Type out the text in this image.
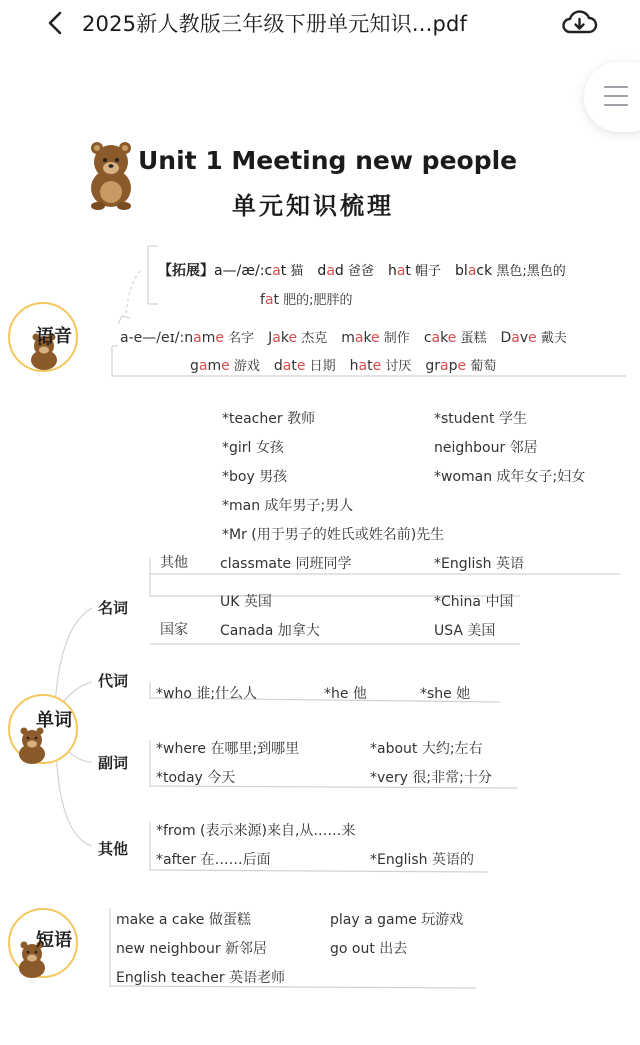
2025新人教版三年级下册单元知识...pdf
Unit 1 Meeting new people
单元知识梳理
语音
【拓展】a—/æ/:cat 猫 dad 爸爸 hat 帽子 black 黑色;黑色的
fat 肥的;肥胖的
a-e—/eɪ/:name 名字 Jake 杰克 make 制作 cake 蛋糕 Dave 戴夫
game 游戏 date 日期 hate 讨厌 grape 葡萄
*teacher 教师	*student 学生
*girl 女孩	neighbour 邻居
*boy 男孩	*woman 成年女子;妇女
*man 成年男子;男人
*Mr (用于男子的姓氏或姓名前)先生
其他 classmate 同班同学	*English 英语
名词	UK 英国	*China 中国
国家 Canada 加拿大	USA 美国
代词
*who 谁;什么人	*he 他	*she 她
单词
*where 在哪里;到哪里	*about 大约;左右
副词
*today 今天	*very 很;非常;十分
*from (表示来源)来自,从……来
其他
*after 在……后面	*English 英语的
短语
make a cake 做蛋糕	play a game 玩游戏
new neighbour 新邻居	go out 出去
English teacher 英语老师
